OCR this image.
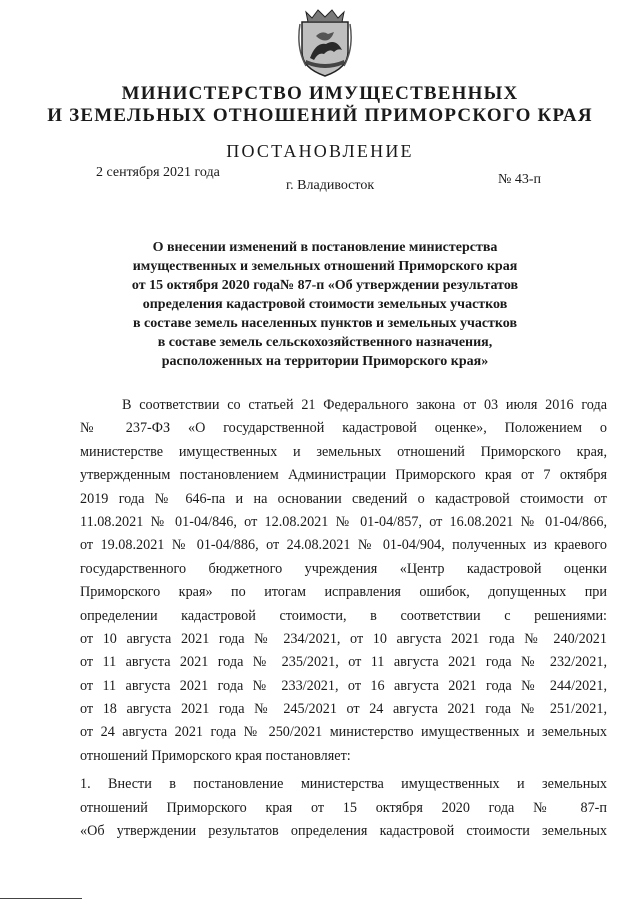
МИНИСТЕРСТВО ИМУЩЕСТВЕННЫХ
И ЗЕМЕЛЬНЫХ ОТНОШЕНИЙ ПРИМОРСКОГО КРАЯ
ПОСТАНОВЛЕНИЕ
2 сентября 2021 года
г. Владивосток	№ 43-п
О внесении изменений в постановление министерства
имущественных и земельных отношений Приморского края
от 15 октября 2020 года№ 87-п «Об утверждении результатов
определения кадастровой стоимости земельных участков
в составе земель населенных пунктов и земельных участков
в составе земель сельскохозяйственного назначения,
расположенных на территории Приморского края»
В соответствии со статьей 21 Федерального закона от 03 июля 2016 года
№ 237-ФЗ «О государственной кадастровой оценке», Положением о
министерстве имущественных и земельных отношений Приморского края,
утвержденным постановлением Администрации Приморского края от 7 октября
2019 года № 646-па и на основании сведений о кадастровой стоимости от
11.08.2021 № 01-04/846, от 12.08.2021 № 01-04/857, от 16.08.2021 № 01-04/866,
от 19.08.2021 № 01-04/886, от 24.08.2021 № 01-04/904, полученных из краевого
государственного бюджетного учреждения «Центр кадастровой оценки
Приморского края» по итогам исправления ошибок, допущенных при
определении кадастровой стоимости, в соответствии с решениями:
от 10 августа 2021 года № 234/2021, от 10 августа 2021 года № 240/2021
от 11 августа 2021 года № 235/2021, от 11 августа 2021 года № 232/2021,
от 11 августа 2021 года № 233/2021, от 16 августа 2021 года № 244/2021,
от 18 августа 2021 года № 245/2021 от 24 августа 2021 года № 251/2021,
от 24 августа 2021 года № 250/2021 министерство имущественных и земельных
отношений Приморского края постановляет:
1. Внести в постановление министерства имущественных и земельных
отношений Приморского края от 15 октября 2020 года № 87-п
«Об утверждении результатов определения кадастровой стоимости земельных
